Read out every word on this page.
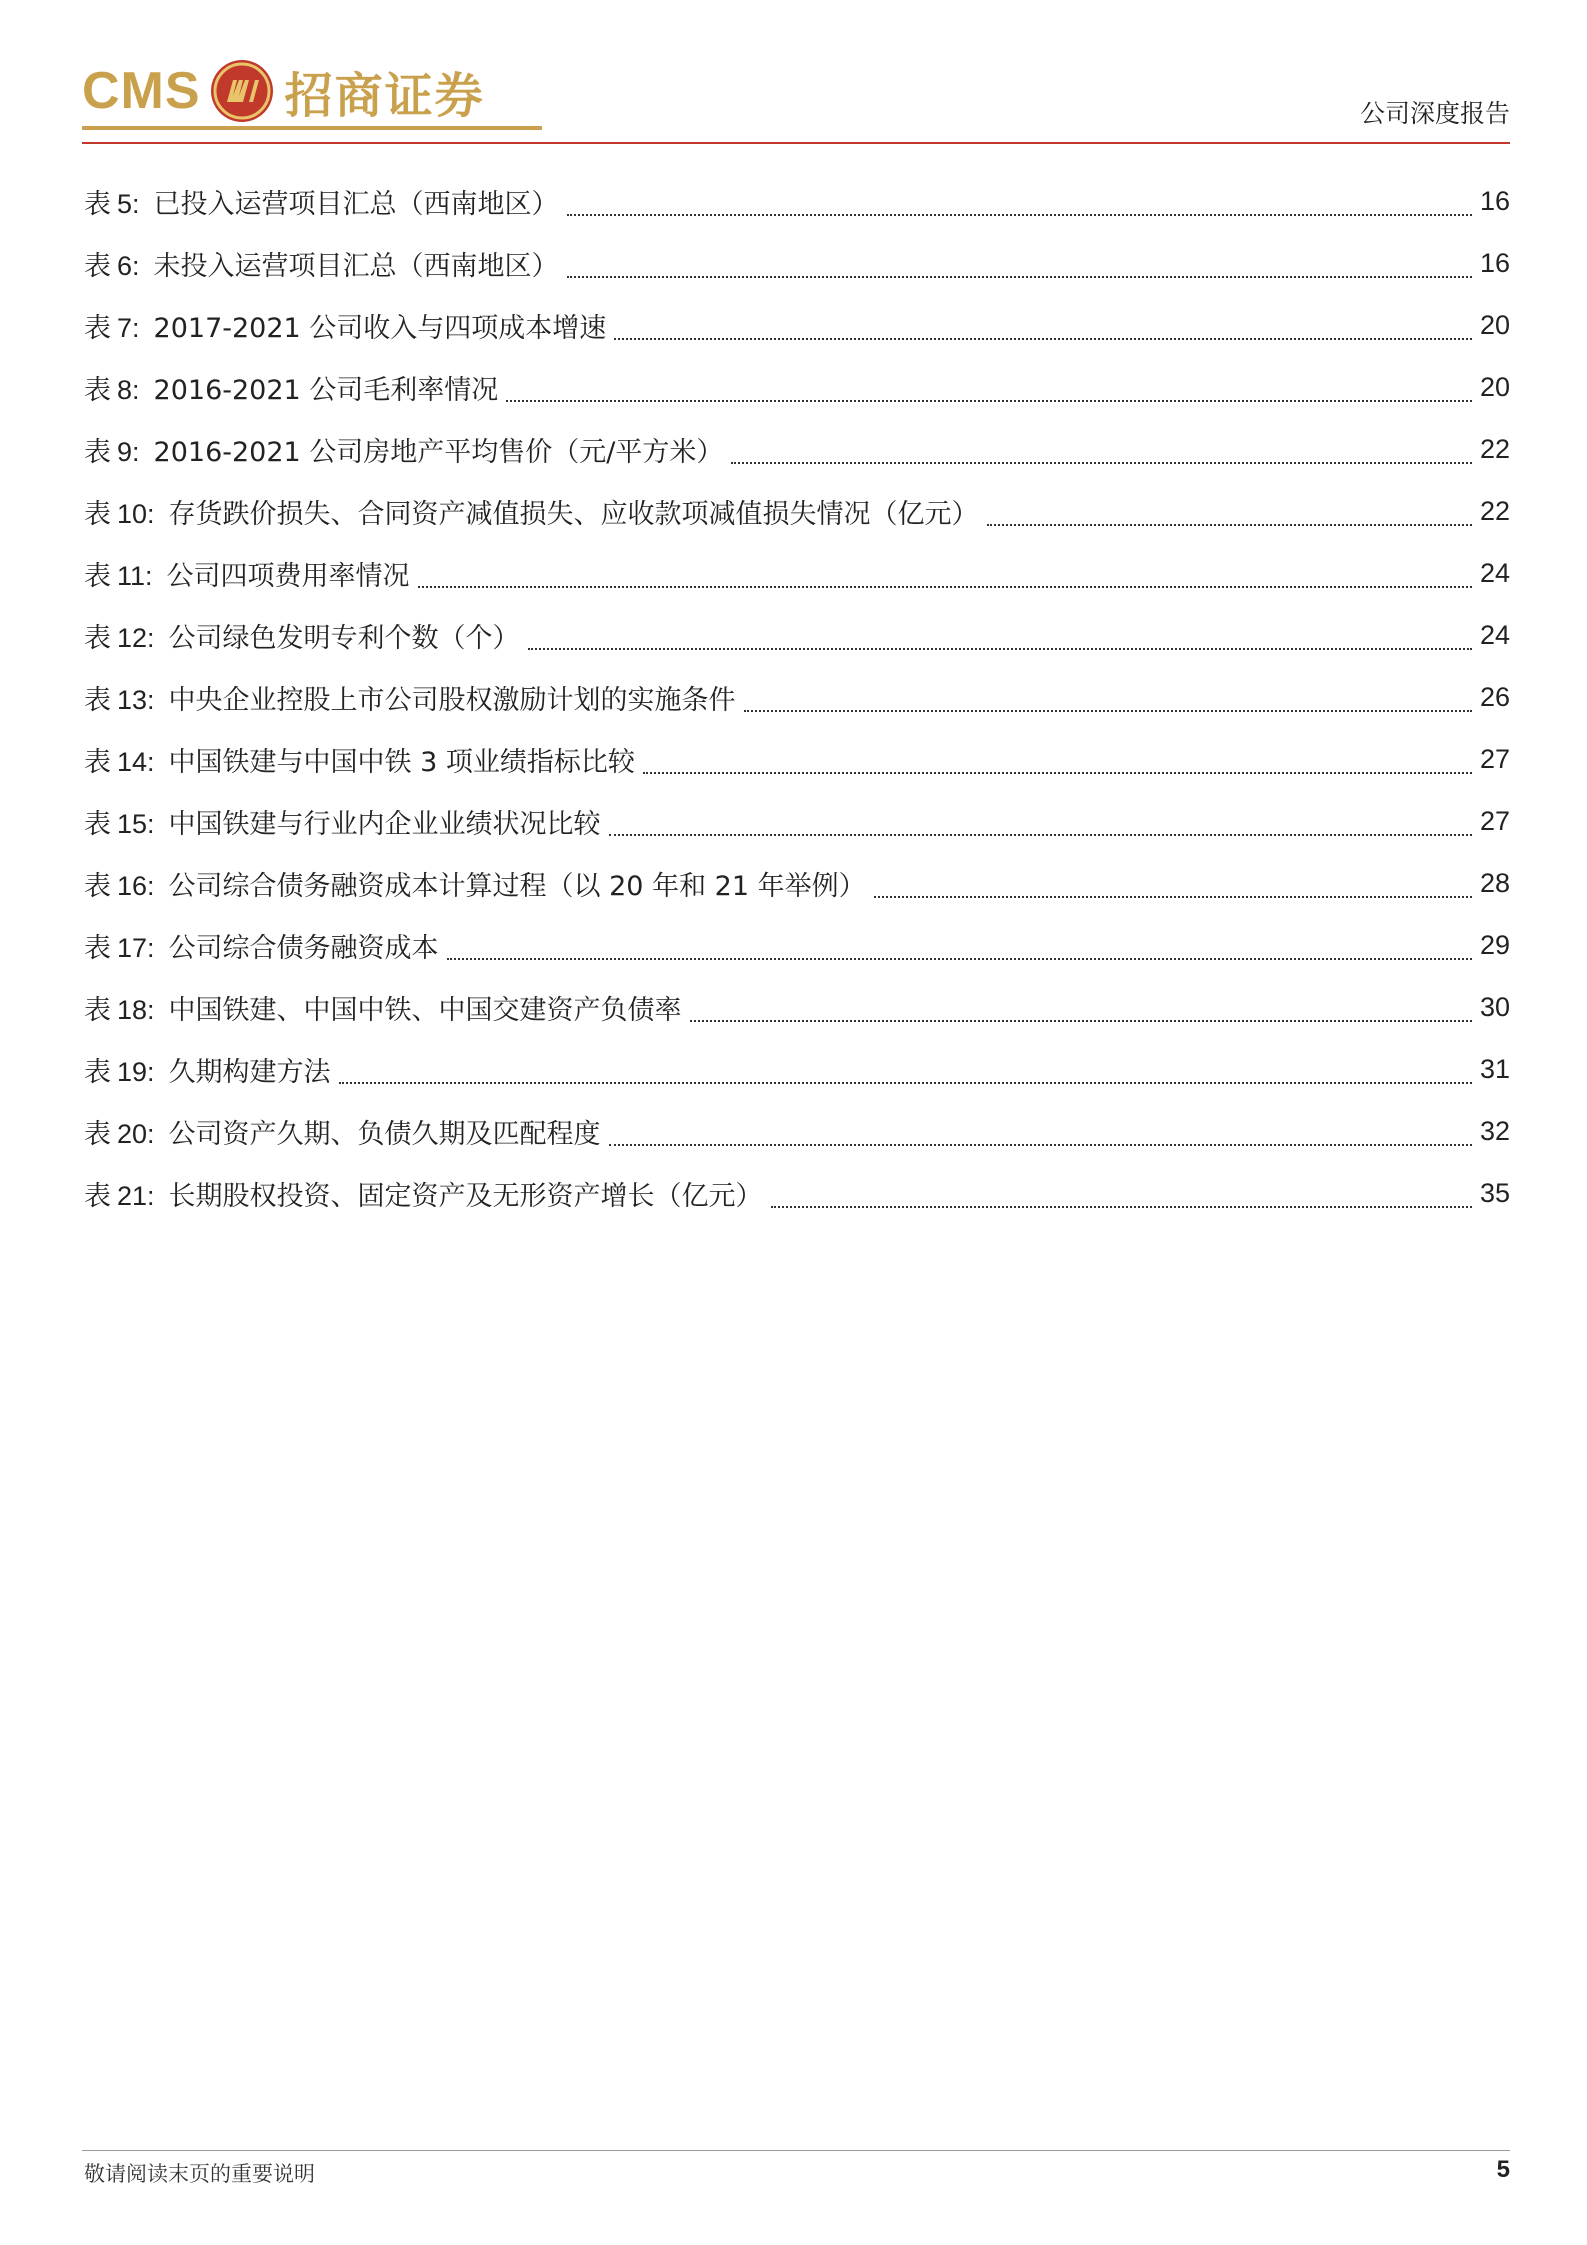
CMS 招商证券	公司深度报告
表 5: 已投入运营项目汇总（西南地区）	16
表 6: 未投入运营项目汇总（西南地区）	16
表 7: 2017-2021 公司收入与四项成本增速	20
表 8: 2016-2021 公司毛利率情况	20
表 9: 2016-2021 公司房地产平均售价（元/平方米）	22
表 10: 存货跌价损失、合同资产减值损失、应收款项减值损失情况（亿元）	22
表 11: 公司四项费用率情况	24
表 12: 公司绿色发明专利个数（个）	24
表 13: 中央企业控股上市公司股权激励计划的实施条件	26
表 14: 中国铁建与中国中铁 3 项业绩指标比较	27
表 15: 中国铁建与行业内企业业绩状况比较	27
表 16: 公司综合债务融资成本计算过程（以 20 年和 21 年举例）	28
表 17: 公司综合债务融资成本	29
表 18: 中国铁建、中国中铁、中国交建资产负债率	30
表 19: 久期构建方法	31
表 20: 公司资产久期、负债久期及匹配程度	32
表 21: 长期股权投资、固定资产及无形资产增长（亿元）	35
敬请阅读末页的重要说明	5
